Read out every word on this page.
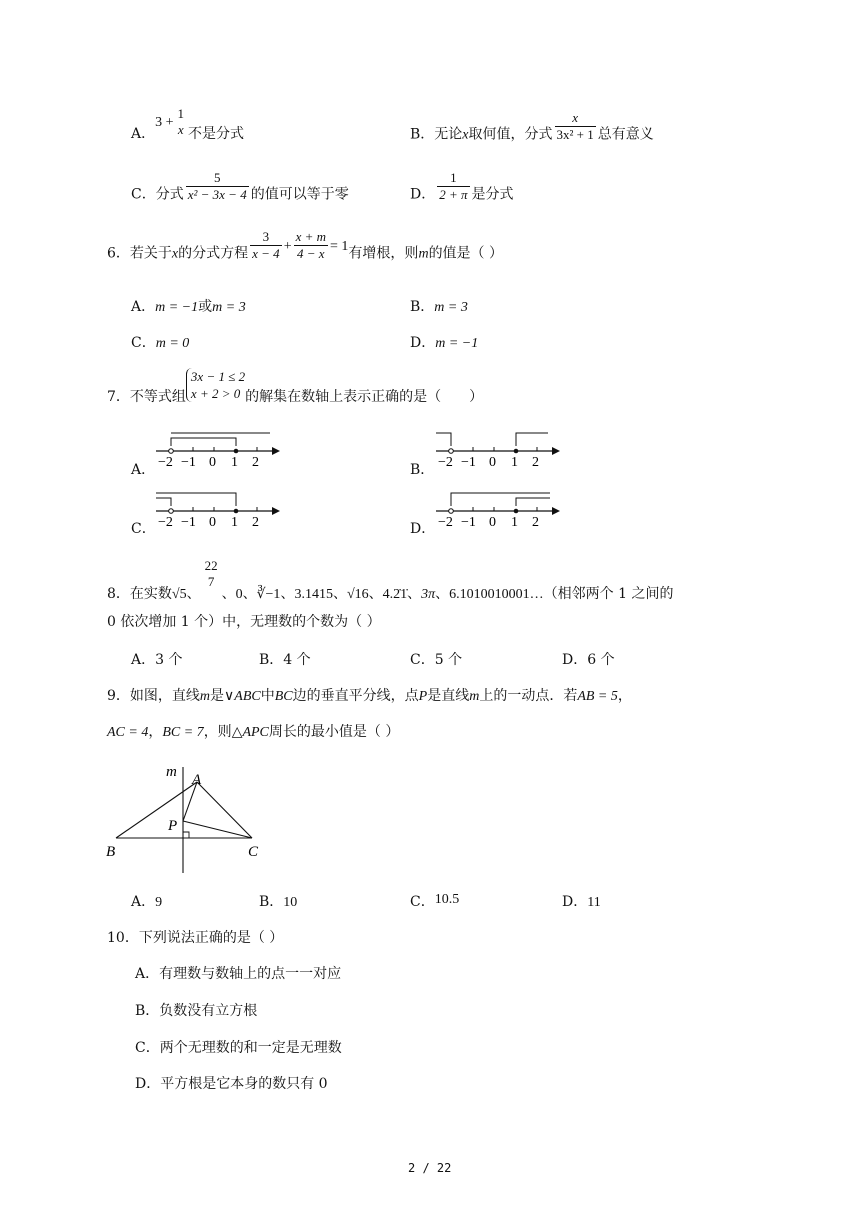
A．3 +
1
x 不是分式	B．无论x取何值，分式 $\frac{x}{\text{3x² + 1}}$ 总有意义
C．分式 $\frac{5}{\text{x² − 3x − 4}}$ 的值可以等于零	D． $\frac{1}{2 + \pi}$ 是分式
6．若关于x的分式方程 $\frac{3}{x - 4} + \frac{x + m}{4 - x} = 1$有增根，则m的值是（ ）
A．m = −1或m = 3	B．m = 3
C．m = 0	D．m = −1
7．不等式组
3x − 1 ≤ 2
x + 2 > 0 的解集在数轴上表示正确的是（　　）
A．	B．
C．	D．
−2 −1 0 1 2	−2 −1 0 1 2
−2 −1 0 1 2	−2 −1 0 1 2
8．在实数√5、
22
7
、0、∛−1、3.1415、√16、4.2̇1̇、3π、6.1010010001…（相邻两个 1 之间的
0 依次增加 1 个）中，无理数的个数为（ ）
A．3 个	B．4 个	C．5 个	D．6 个
9．如图，直线m是∨ABC中BC边的垂直平分线，点P是直线m上的一动点．若AB = 5，
AC = 4，BC = 7，则△APC周长的最小值是（ ）
m A
P
B	C
A．9	B．10	C．10.5	D．11
10．下列说法正确的是（ ）
A．有理数与数轴上的点一一对应
B．负数没有立方根
C．两个无理数的和一定是无理数
D．平方根是它本身的数只有 0
2 / 22
